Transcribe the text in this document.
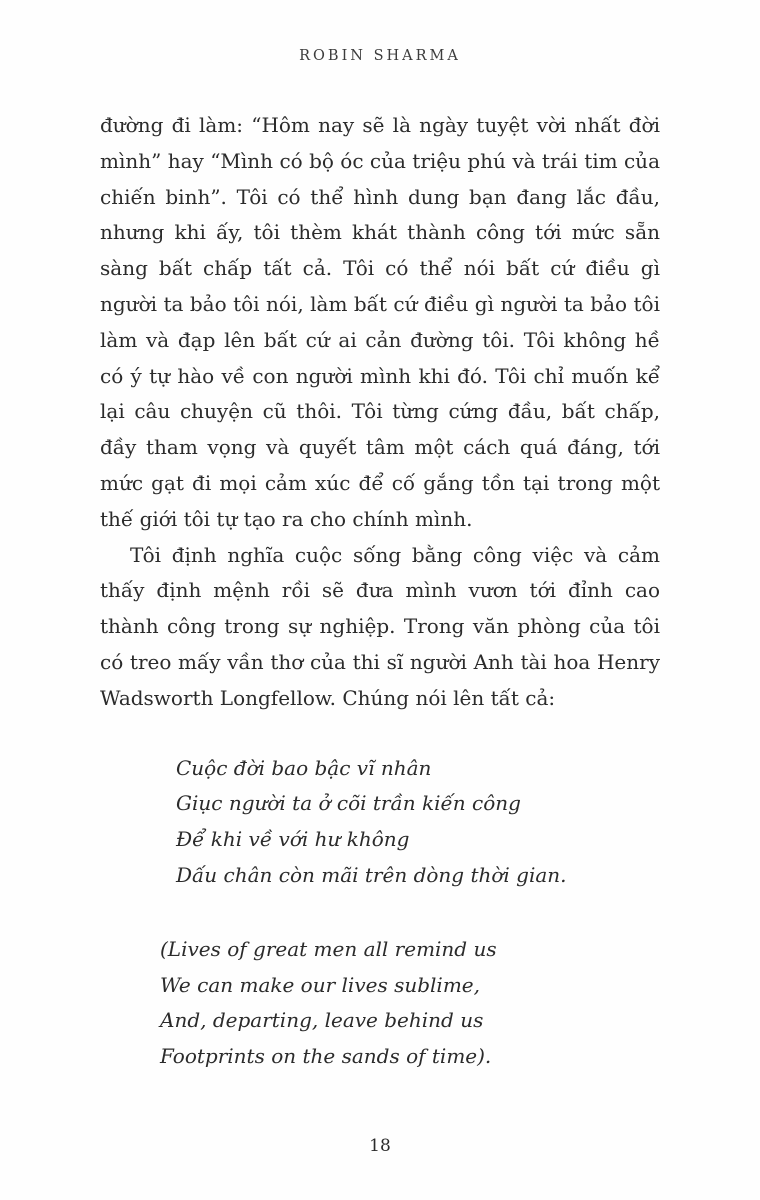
ROBIN SHARMA

đường đi làm: “Hôm nay sẽ là ngày tuyệt vời nhất đời mình” hay “Mình có bộ óc của triệu phú và trái tim của chiến binh”. Tôi có thể hình dung bạn đang lắc đầu, nhưng khi ấy, tôi thèm khát thành công tới mức sẵn sàng bất chấp tất cả. Tôi có thể nói bất cứ điều gì người ta bảo tôi nói, làm bất cứ điều gì người ta bảo tôi làm và đạp lên bất cứ ai cản đường tôi. Tôi không hề có ý tự hào về con người mình khi đó. Tôi chỉ muốn kể lại câu chuyện cũ thôi. Tôi từng cứng đầu, bất chấp, đầy tham vọng và quyết tâm một cách quá đáng, tới mức gạt đi mọi cảm xúc để cố gắng tồn tại trong một thế giới tôi tự tạo ra cho chính mình.

Tôi định nghĩa cuộc sống bằng công việc và cảm thấy định mệnh rồi sẽ đưa mình vươn tới đỉnh cao thành công trong sự nghiệp. Trong văn phòng của tôi có treo mấy vần thơ của thi sĩ người Anh tài hoa Henry Wadsworth Longfellow. Chúng nói lên tất cả:

Cuộc đời bao bậc vĩ nhân
Giục người ta ở cõi trần kiến công
Để khi về với hư không
Dấu chân còn mãi trên dòng thời gian.
(Lives of great men all remind us
We can make our lives sublime,
And, departing, leave behind us
Footprints on the sands of time).
18
